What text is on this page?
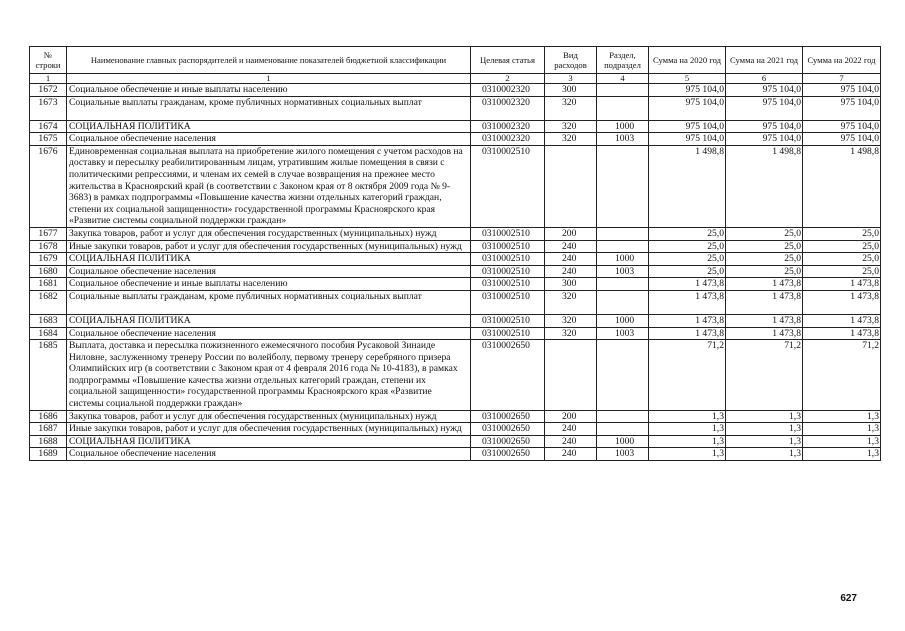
№ строки	Наименование главных распорядителей и наименование показателей бюджетной классификации	Целевая статья	Вид расходов	Раздел, подраздел	Сумма на 2020 год	Сумма на 2021 год	Сумма на 2022 год
1	1	2	3	4	5	6	7
1672	Социальное обеспечение и иные выплаты населению	0310002320	300		975 104,0	975 104,0	975 104,0
1673	Социальные выплаты гражданам, кроме публичных нормативных социальных выплат	0310002320	320		975 104,0	975 104,0	975 104,0
1674	СОЦИАЛЬНАЯ ПОЛИТИКА	0310002320	320	1000	975 104,0	975 104,0	975 104,0
1675	Социальное обеспечение населения	0310002320	320	1003	975 104,0	975 104,0	975 104,0
1676	Единовременная социальная выплата на приобретение жилого помещения с учетом расходов на доставку и пересылку реабилитированным лицам, утратившим жилые помещения в связи с политическими репрессиями, и членам их семей в случае возвращения на прежнее место жительства в Красноярский край (в соответствии с Законом края от 8 октября 2009 года № 9-3683) в рамках подпрограммы «Повышение качества жизни отдельных категорий граждан, степени их социальной защищенности» государственной программы Красноярского края «Развитие системы социальной поддержки граждан»	0310002510			1 498,8	1 498,8	1 498,8
1677	Закупка товаров, работ и услуг для обеспечения государственных (муниципальных) нужд	0310002510	200		25,0	25,0	25,0
1678	Иные закупки товаров, работ и услуг для обеспечения государственных (муниципальных) нужд	0310002510	240		25,0	25,0	25,0
1679	СОЦИАЛЬНАЯ ПОЛИТИКА	0310002510	240	1000	25,0	25,0	25,0
1680	Социальное обеспечение населения	0310002510	240	1003	25,0	25,0	25,0
1681	Социальное обеспечение и иные выплаты населению	0310002510	300		1 473,8	1 473,8	1 473,8
1682	Социальные выплаты гражданам, кроме публичных нормативных социальных выплат	0310002510	320		1 473,8	1 473,8	1 473,8
1683	СОЦИАЛЬНАЯ ПОЛИТИКА	0310002510	320	1000	1 473,8	1 473,8	1 473,8
1684	Социальное обеспечение населения	0310002510	320	1003	1 473,8	1 473,8	1 473,8
1685	Выплата, доставка и пересылка пожизненного ежемесячного пособия Русаковой Зинаиде Ниловне, заслуженному тренеру России по волейболу, первому тренеру серебряного призера Олимпийских игр (в соответствии с Законом края от 4 февраля 2016 года № 10-4183), в рамках подпрограммы «Повышение качества жизни отдельных категорий граждан, степени их социальной защищенности» государственной программы Красноярского края «Развитие системы социальной поддержки граждан»	0310002650			71,2	71,2	71,2
1686	Закупка товаров, работ и услуг для обеспечения государственных (муниципальных) нужд	0310002650	200		1,3	1,3	1,3
1687	Иные закупки товаров, работ и услуг для обеспечения государственных (муниципальных) нужд	0310002650	240		1,3	1,3	1,3
1688	СОЦИАЛЬНАЯ ПОЛИТИКА	0310002650	240	1000	1,3	1,3	1,3
1689	Социальное обеспечение населения	0310002650	240	1003	1,3	1,3	1,3
627
